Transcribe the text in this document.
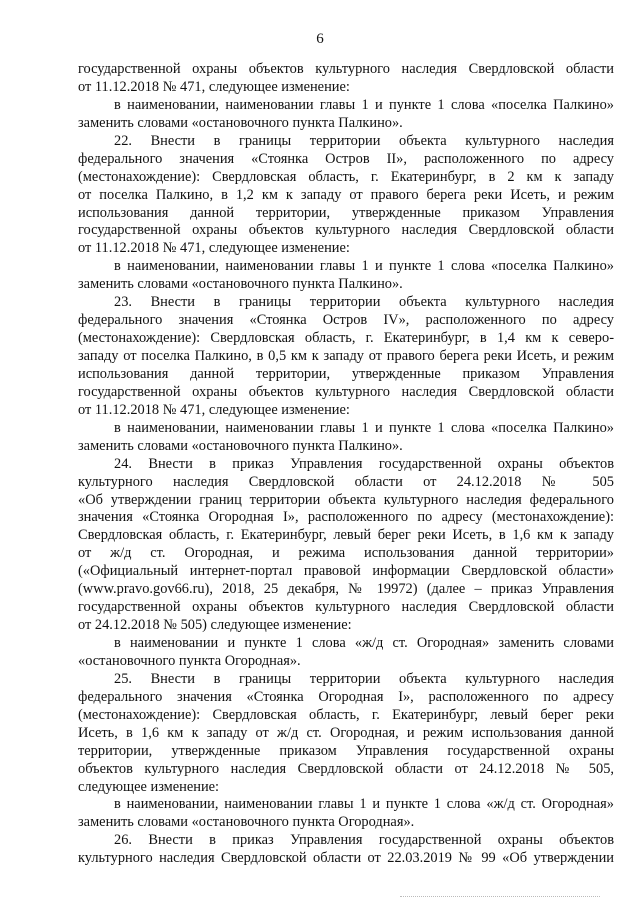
6
государственной охраны объектов культурного наследия Свердловской области
от 11.12.2018 № 471, следующее изменение:
в наименовании, наименовании главы 1 и пункте 1 слова «поселка Палкино»
заменить словами «остановочного пункта Палкино».
22. Внести в границы территории объекта культурного наследия
федерального значения «Стоянка Остров II», расположенного по адресу
(местонахождение): Свердловская область, г. Екатеринбург, в 2 км к западу
от поселка Палкино, в 1,2 км к западу от правого берега реки Исеть, и режим
использования данной территории, утвержденные приказом Управления
государственной охраны объектов культурного наследия Свердловской области
от 11.12.2018 № 471, следующее изменение:
в наименовании, наименовании главы 1 и пункте 1 слова «поселка Палкино»
заменить словами «остановочного пункта Палкино».
23. Внести в границы территории объекта культурного наследия
федерального значения «Стоянка Остров IV», расположенного по адресу
(местонахождение): Свердловская область, г. Екатеринбург, в 1,4 км к северо-
западу от поселка Палкино, в 0,5 км к западу от правого берега реки Исеть, и режим
использования данной территории, утвержденные приказом Управления
государственной охраны объектов культурного наследия Свердловской области
от 11.12.2018 № 471, следующее изменение:
в наименовании, наименовании главы 1 и пункте 1 слова «поселка Палкино»
заменить словами «остановочного пункта Палкино».
24. Внести в приказ Управления государственной охраны объектов
культурного наследия Свердловской области от 24.12.2018 № 505
«Об утверждении границ территории объекта культурного наследия федерального
значения «Стоянка Огородная I», расположенного по адресу (местонахождение):
Свердловская область, г. Екатеринбург, левый берег реки Исеть, в 1,6 км к западу
от ж/д ст. Огородная, и режима использования данной территории»
(«Официальный интернет-портал правовой информации Свердловской области»
(www.pravo.gov66.ru), 2018, 25 декабря, № 19972) (далее – приказ Управления
государственной охраны объектов культурного наследия Свердловской области
от 24.12.2018 № 505) следующее изменение:
в наименовании и пункте 1 слова «ж/д ст. Огородная» заменить словами
«остановочного пункта Огородная».
25. Внести в границы территории объекта культурного наследия
федерального значения «Стоянка Огородная I», расположенного по адресу
(местонахождение): Свердловская область, г. Екатеринбург, левый берег реки
Исеть, в 1,6 км к западу от ж/д ст. Огородная, и режим использования данной
территории, утвержденные приказом Управления государственной охраны
объектов культурного наследия Свердловской области от 24.12.2018 № 505,
следующее изменение:
в наименовании, наименовании главы 1 и пункте 1 слова «ж/д ст. Огородная»
заменить словами «остановочного пункта Огородная».
26. Внести в приказ Управления государственной охраны объектов
культурного наследия Свердловской области от 22.03.2019 № 99 «Об утверждении
